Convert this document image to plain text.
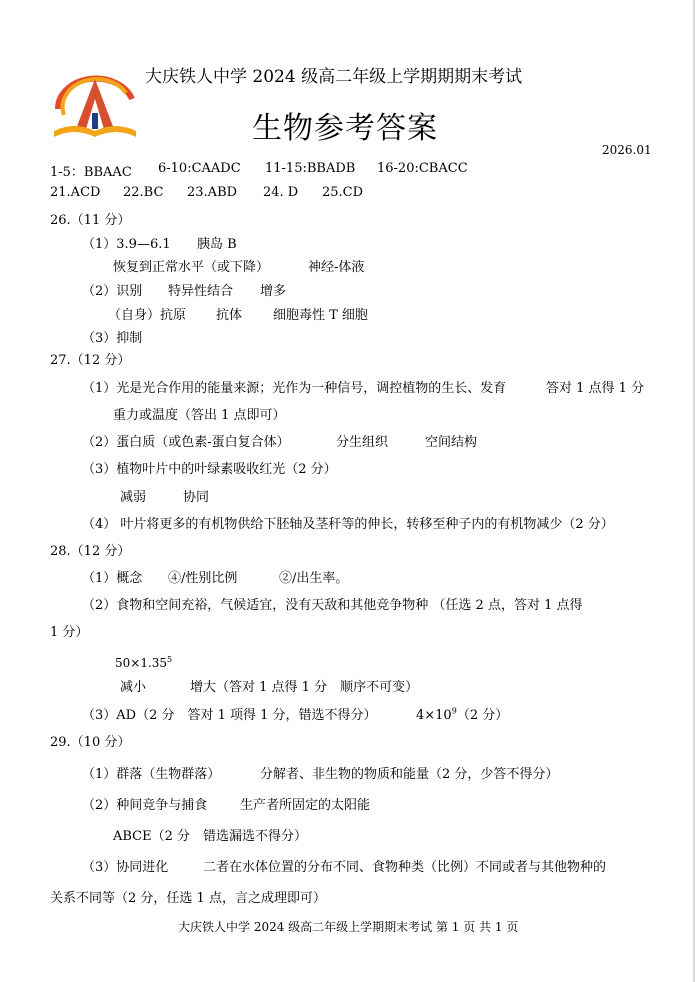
大庆铁人中学 2024 级高二年级上学期期期末考试
生物参考答案
2026.01
1-5：BBAAC 6-10:CAADC 11-15:BBADB 16-20:CBACC
21.ACD 22.BC 23.ABD 24. D 25.CD
26.（11 分）
（1）3.9—6.1 胰岛 B
恢复到正常水平（或下降）	神经-体液
（2）识别 特异性结合 增多
（自身）抗原 抗体 细胞毒性 T 细胞
（3）抑制
27.（12 分）
（1）光是光合作用的能量来源；光作为一种信号，调控植物的生长、发育	答对 1 点得 1 分
重力或温度（答出 1 点即可）
（2）蛋白质（或色素-蛋白复合体）	分生组织	空间结构
（3）植物叶片中的叶绿素吸收红光（2 分）
减弱	协同
（4） 叶片将更多的有机物供给下胚轴及茎秆等的伸长，转移至种子内的有机物减少（2 分）
28.（12 分）
（1）概念 ④/性别比例	②/出生率。
（2）食物和空间充裕，气候适宜，没有天敌和其他竞争物种 （任选 2 点，答对 1 点得
1 分）
$50\times 1.35^5$
减小	增大（答对 1 点得 1 分　顺序不可变）
（3）AD（2 分　答对 1 项得 1 分，错选不得分）	$4\times 10^9(2$ 分）
29.（10 分）
（1）群落（生物群落）	分解者、非生物的物质和能量（2 分，少答不得分）
（2）种间竞争与捕食	生产者所固定的太阳能
ABCE（2 分　错选漏选不得分）
（3）协同进化	二者在水体位置的分布不同、食物种类（比例）不同或者与其他物种的
关系不同等（2 分，任选 1 点，言之成理即可）
大庆铁人中学 2024 级高二年级上学期期末考试 第 1 页 共 1 页
